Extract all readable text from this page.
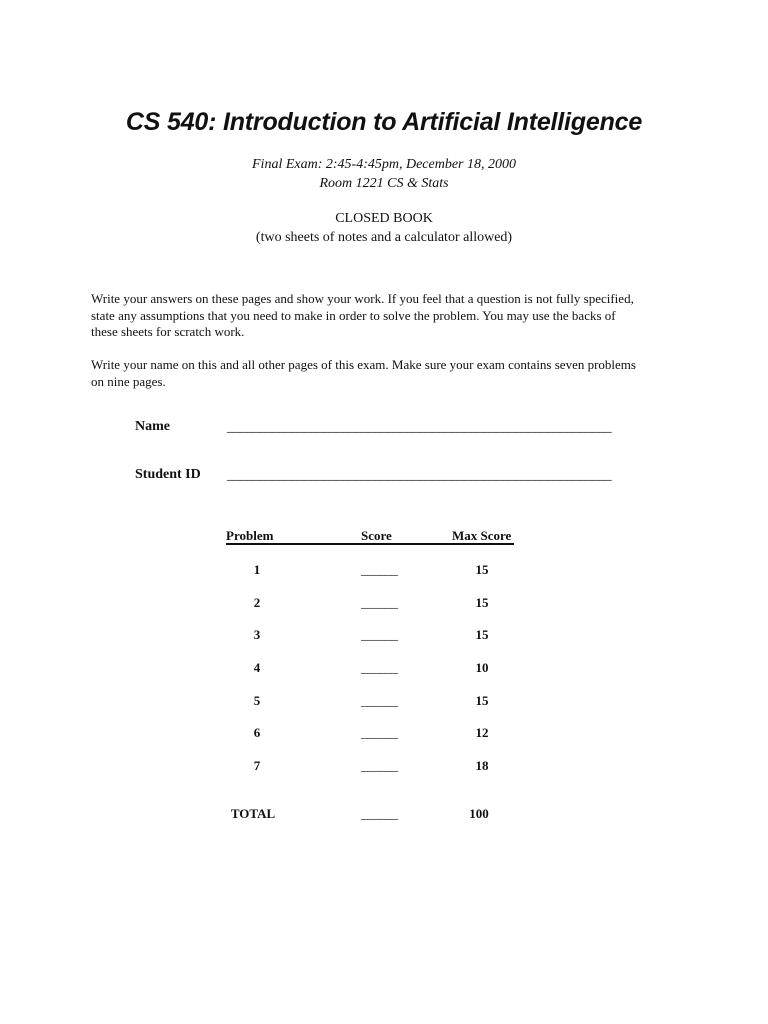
CS 540: Introduction to Artificial Intelligence
Final Exam: 2:45-4:45pm, December 18, 2000
Room 1221 CS & Stats
CLOSED BOOK
(two sheets of notes and a calculator allowed)
Write your answers on these pages and show your work. If you feel that a question is not fully specified,
state any assumptions that you need to make in order to solve the problem. You may use the backs of
these sheets for scratch work.
Write your name on this and all other pages of this exam. Make sure your exam contains seven problems
on nine pages.
Name	____________________________________________________________
Student ID ____________________________________________________________
Problem	Score	Max Score
1	______	15
2	______	15
3	______	15
4	______	10
5	______	15
6	______	12
7	______	18
TOTAL	______	100
